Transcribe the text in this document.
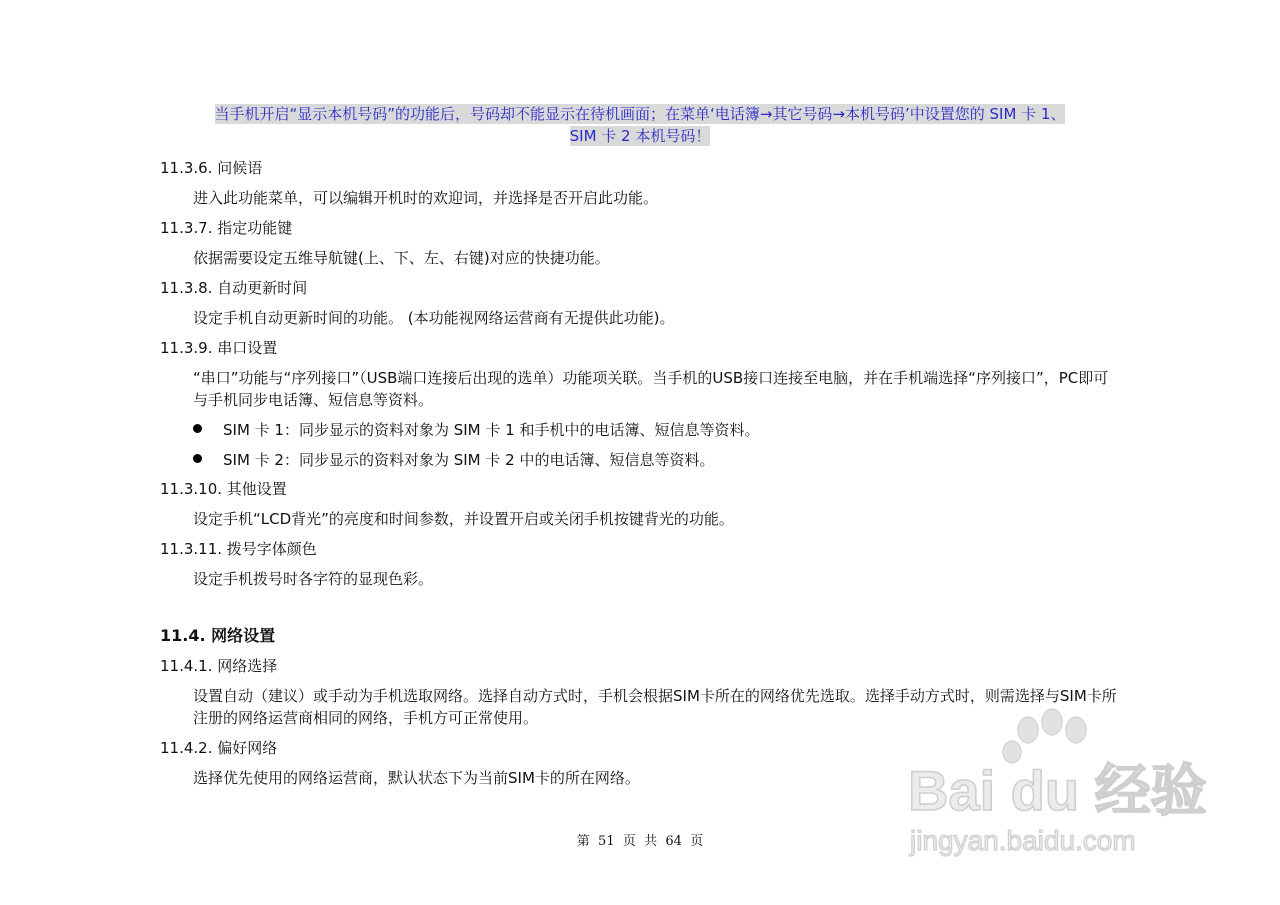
当手机开启“显示本机号码”的功能后，号码却不能显示在待机画面；在菜单‘电话簿→其它号码→本机号码’中设置您的 SIM 卡 1、
SIM 卡 2 本机号码！
11.3.6. 问候语
进入此功能菜单，可以编辑开机时的欢迎词，并选择是否开启此功能。
11.3.7. 指定功能键
依据需要设定五维导航键(上、下、左、右键)对应的快捷功能。
11.3.8. 自动更新时间
设定手机自动更新时间的功能。 (本功能视网络运营商有无提供此功能)。
11.3.9. 串口设置
“串口”功能与“序列接口”（USB端口连接后出现的选单）功能项关联。当手机的USB接口连接至电脑，并在手机端选择“序列接口”，PC即可与手机同步电话簿、短信息等资料。
SIM 卡 1：同步显示的资料对象为 SIM 卡 1 和手机中的电话簿、短信息等资料。
SIM 卡 2：同步显示的资料对象为 SIM 卡 2 中的电话簿、短信息等资料。
11.3.10. 其他设置
设定手机“LCD背光”的亮度和时间参数，并设置开启或关闭手机按键背光的功能。
11.3.11. 拨号字体颜色
设定手机拨号时各字符的显现色彩。
11.4. 网络设置
11.4.1. 网络选择
设置自动（建议）或手动为手机选取网络。选择自动方式时，手机会根据SIM卡所在的网络优先选取。选择手动方式时，则需选择与SIM卡所注册的网络运营商相同的网络，手机方可正常使用。
11.4.2. 偏好网络
选择优先使用的网络运营商，默认状态下为当前SIM卡的所在网络。
第  51  页  共  64  页
Bai du 经验
jingyan.baidu.com
